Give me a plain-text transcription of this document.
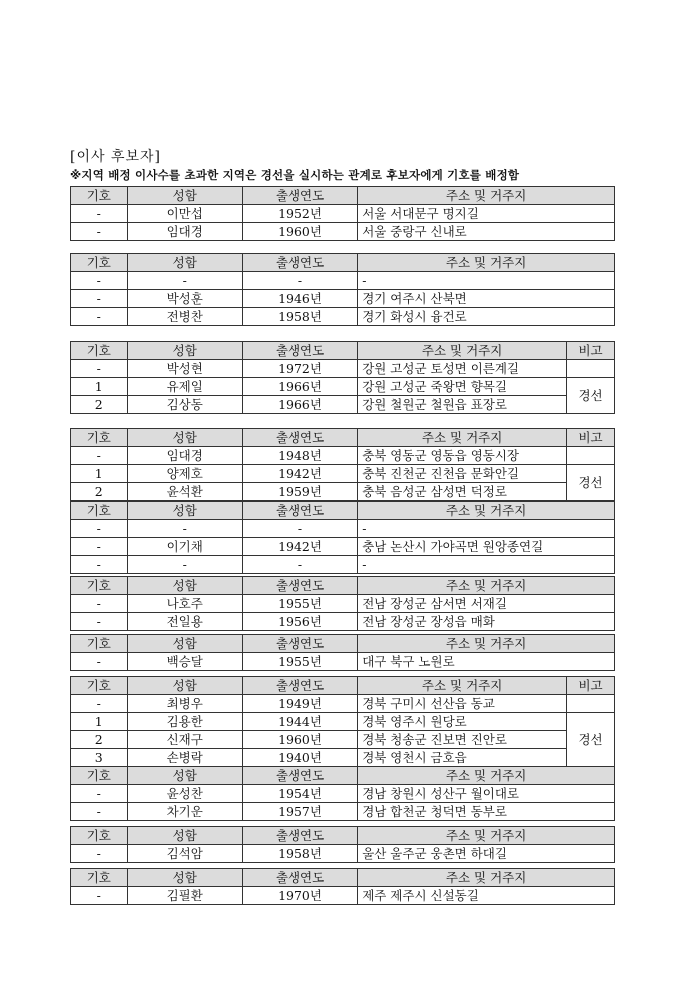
[이사 후보자]
※지역 배정 이사수를 초과한 지역은 경선을 실시하는 관계로 후보자에게 기호를 배정함
기호	성함	출생연도	주소 및 거주지
-	이만섭	1952년	서울 서대문구 명지길
-	임대경	1960년	서울 중랑구 신내로
기호	성함	출생연도	주소 및 거주지
-	-	-	-
-	박성훈	1946년	경기 여주시 산북면
-	전병찬	1958년	경기 화성시 융건로
기호	성함	출생연도	주소 및 거주지	비고
-	박성현	1972년	강원 고성군 토성면 이른계길	
1	유제일	1966년	강원 고성군 죽왕면 향목길	경선
2	김상동	1966년	강원 철원군 철원읍 표장로	
기호	성함	출생연도	주소 및 거주지	비고
-	임대경	1948년	충북 영동군 영동읍 영동시장	
1	양제호	1942년	충북 진천군 진천읍 문화안길	경선
2	윤석환	1959년	충북 음성군 삼성면 덕정로	
기호	성함	출생연도	주소 및 거주지
-	-	-	-
-	이기채	1942년	충남 논산시 가야곡면 원앙종연길
-	-	-	-
기호	성함	출생연도	주소 및 거주지
-	나호주	1955년	전남 장성군 삼서면 서재길
-	전일용	1956년	전남 장성군 장성읍 매화
기호	성함	출생연도	주소 및 거주지
-	백승달	1955년	대구 북구 노원로
기호	성함	출생연도	주소 및 거주지	비고
-	최병우	1949년	경북 구미시 선산읍 동교	
1	김용한	1944년	경북 영주시 원당로	경선
2	신재구	1960년	경북 청송군 진보면 진안로	
3	손병락	1940년	경북 영천시 금호읍	
기호	성함	출생연도	주소 및 거주지
-	윤성찬	1954년	경남 창원시 성산구 월이대로
-	차기운	1957년	경남 합천군 청덕면 동부로
기호	성함	출생연도	주소 및 거주지
-	김석암	1958년	울산 울주군 웅촌면 하대길
기호	성함	출생연도	주소 및 거주지
-	김필환	1970년	제주 제주시 신설동길
